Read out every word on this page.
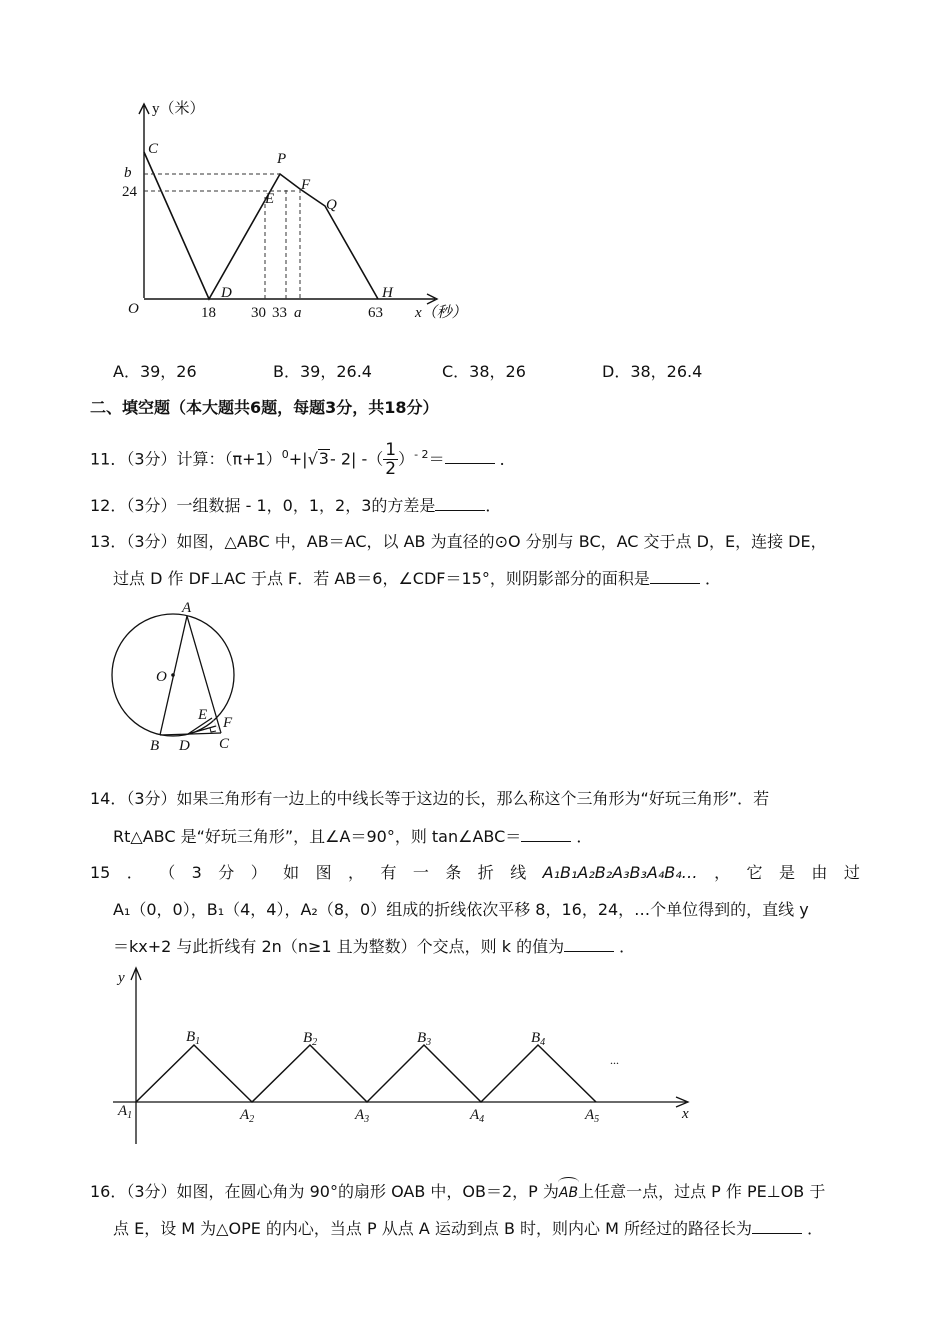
y（米）
x（秒）
O
b
24
18 30 33 a	63
C
P
E
F
Q
D	H
A．39，26	B．39，26.4	C．38，26	D．38，26.4
二、填空题（本大题共6题，每题3分，共18分）
11．（3分）计算：$(\pi+1)^0+|√3-$ 2| -（ $\frac{1}{2} )^{- 2}=$	．
12．（3分）一组数据 - 1，0，1，2，3的方差是	．
13．（3分）如图，△ABC 中，AB＝AC，以 AB 为直径的⊙O 分别与 BC，AC 交于点 D，E，连接 DE，
过点 D 作 DF⊥AC 于点 F．若 AB＝6，∠CDF＝15°，则阴影部分的面积是	．
A
O
E F
B D C
14．（3分）如果三角形有一边上的中线长等于这边的长，那么称这个三角形为“好玩三角形”．若
Rt△ABC 是“好玩三角形”，且∠A＝90°，则 tan∠ABC＝	．
15 ． （ 3 分 ） 如 图 ， 有 一 条 折 线 A₁B₁A₂B₂A₃B₃A₄B₄… ， 它 是 由 过
A₁（0，0），B₁（4，4），A₂（8，0）组成的折线依次平移 8，16，24，…个单位得到的，直线 y
＝kx+2 与此折线有 2n（n≥1 且为整数）个交点，则 k 的值为	．
y
x
$B_1$	$B_2$	$B_3$	$B_4$
$A_1$	$A_2$	$A_3$	$A_4$	$A_5$
...
16．（3分）如图，在圆心角为 90°的扇形 OAB 中，OB＝2，P 为AB上任意一点，过点 P 作 PE⊥OB 于
点 E，设 M 为△OPE 的内心，当点 P 从点 A 运动到点 B 时，则内心 M 所经过的路径长为	．
